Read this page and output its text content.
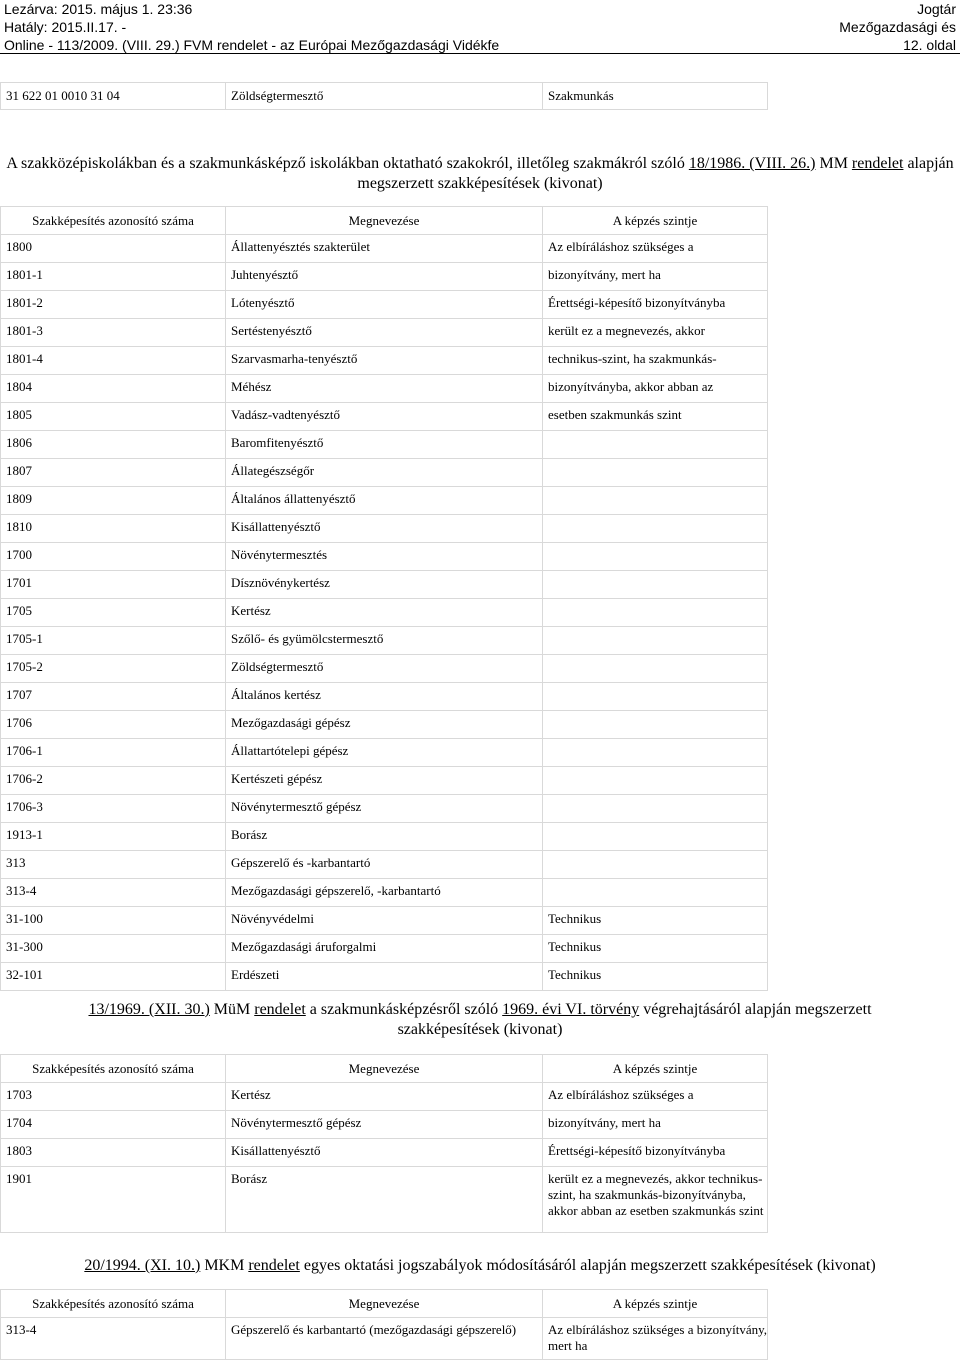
Lezárva: 2015. május 1. 23:36
Hatály: 2015.II.17. -
Online - 113/2009. (VIII. 29.) FVM rendelet - az Európai Mezőgazdasági Vidékfe
Jogtár
Mezőgazdasági és
12. oldal
31 622 01 0010 31 04	Zöldségtermesztő	Szakmunkás
A szakközépiskolákban és a szakmunkásképző iskolákban oktatható szakokról, illetőleg szakmákról szóló 18/1986. (VIII. 26.) MM rendelet alapján megszerzett szakképesítések (kivonat)
Szakképesítés azonosító száma	Megnevezése	A képzés szintje
1800	Állattenyésztés szakterület	Az elbíráláshoz szükséges a
1801-1	Juhtenyésztő	bizonyítvány, mert ha
1801-2	Lótenyésztő	Érettségi-képesítő bizonyítványba
1801-3	Sertéstenyésztő	került ez a megnevezés, akkor
1801-4	Szarvasmarha-tenyésztő	technikus-szint, ha szakmunkás-
1804	Méhész	bizonyítványba, akkor abban az
1805	Vadász-vadtenyésztő	esetben szakmunkás szint
1806	Baromfitenyésztő	
1807	Állategészségőr	
1809	Általános állattenyésztő	
1810	Kisállattenyésztő	
1700	Növénytermesztés	
1701	Dísznövénykertész	
1705	Kertész	
1705-1	Szőlő- és gyümölcstermesztő	
1705-2	Zöldségtermesztő	
1707	Általános kertész	
1706	Mezőgazdasági gépész	
1706-1	Állattartótelepi gépész	
1706-2	Kertészeti gépész	
1706-3	Növénytermesztő gépész	
1913-1	Borász	
313	Gépszerelő és -karbantartó	
313-4	Mezőgazdasági gépszerelő, -karbantartó	
31-100	Növényvédelmi	Technikus
31-300	Mezőgazdasági áruforgalmi	Technikus
32-101	Erdészeti	Technikus
13/1969. (XII. 30.) MüM rendelet a szakmunkásképzésről szóló 1969. évi VI. törvény végrehajtásáról alapján megszerzett
szakképesítések (kivonat)
Szakképesítés azonosító száma	Megnevezése	A képzés szintje
1703	Kertész	Az elbíráláshoz szükséges a
1704	Növénytermesztő gépész	bizonyítvány, mert ha
1803	Kisállattenyésztő	Érettségi-képesítő bizonyítványba
1901	Borász	került ez a megnevezés, akkor technikus-szint, ha szakmunkás-bizonyítványba, akkor abban az esetben szakmunkás szint
20/1994. (XI. 10.) MKM rendelet egyes oktatási jogszabályok módosításáról alapján megszerzett szakképesítések (kivonat)
Szakképesítés azonosító száma	Megnevezése	A képzés szintje
313-4	Gépszerelő és karbantartó (mezőgazdasági gépszerelő)	Az elbíráláshoz szükséges a bizonyítvány, mert ha
